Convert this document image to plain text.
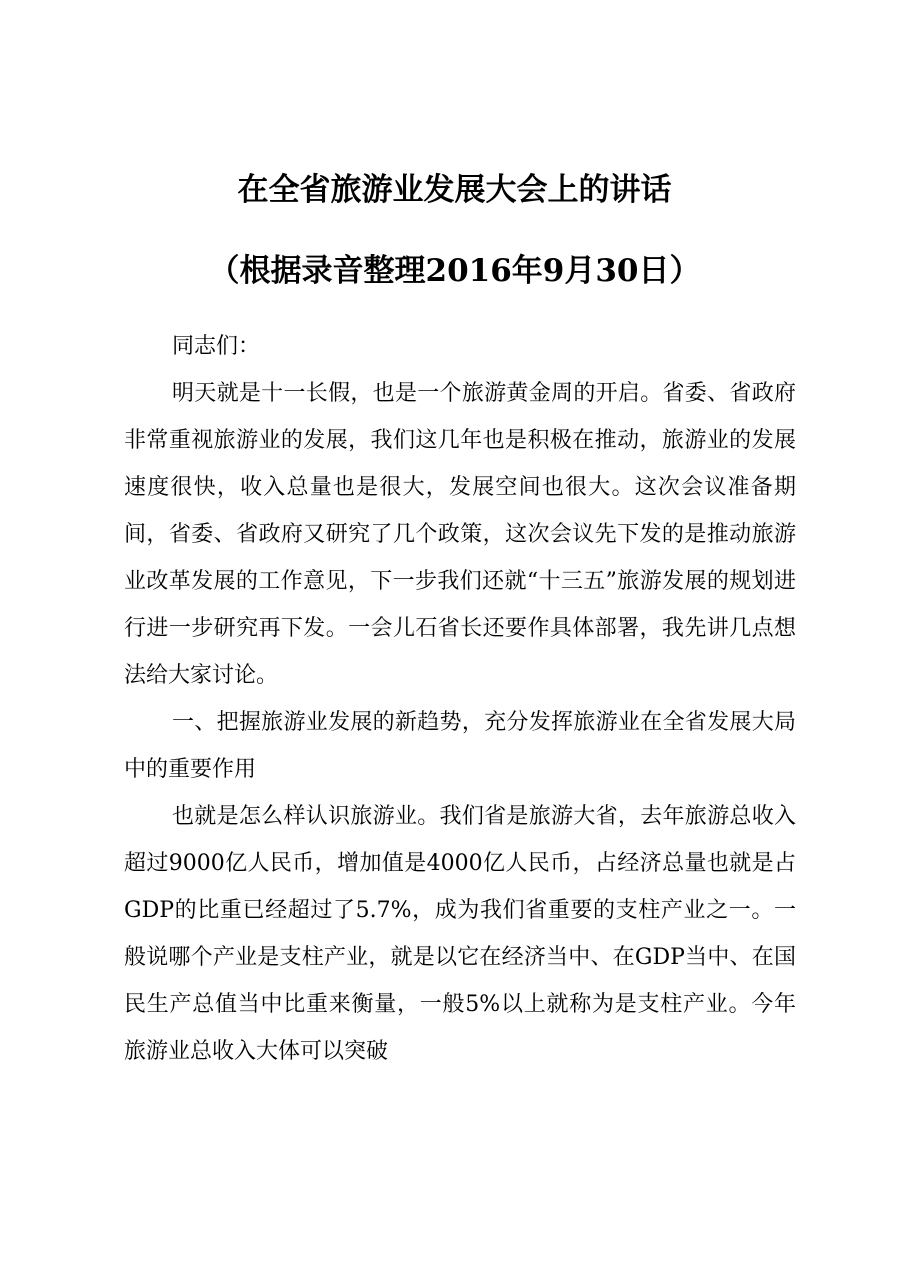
在全省旅游业发展大会上的讲话
（根据录音整理2016年9月30日）

同志们：

明天就是十一长假，也是一个旅游黄金周的开启。省委、省政府非常重视旅游业的发展，我们这几年也是积极在推动，旅游业的发展速度很快，收入总量也是很大，发展空间也很大。这次会议准备期间，省委、省政府又研究了几个政策，这次会议先下发的是推动旅游业改革发展的工作意见，下一步我们还就“十三五”旅游发展的规划进行进一步研究再下发。一会儿石省长还要作具体部署，我先讲几点想法给大家讨论。

一、把握旅游业发展的新趋势，充分发挥旅游业在全省发展大局中的重要作用

也就是怎么样认识旅游业。我们省是旅游大省，去年旅游总收入超过9000亿人民币，增加值是4000亿人民币，占经济总量也就是占GDP的比重已经超过了5.7%，成为我们省重要的支柱产业之一。一般说哪个产业是支柱产业，就是以它在经济当中、在GDP当中、在国民生产总值当中比重来衡量，一般5%以上就称为是支柱产业。今年旅游业总收入大体可以突破
